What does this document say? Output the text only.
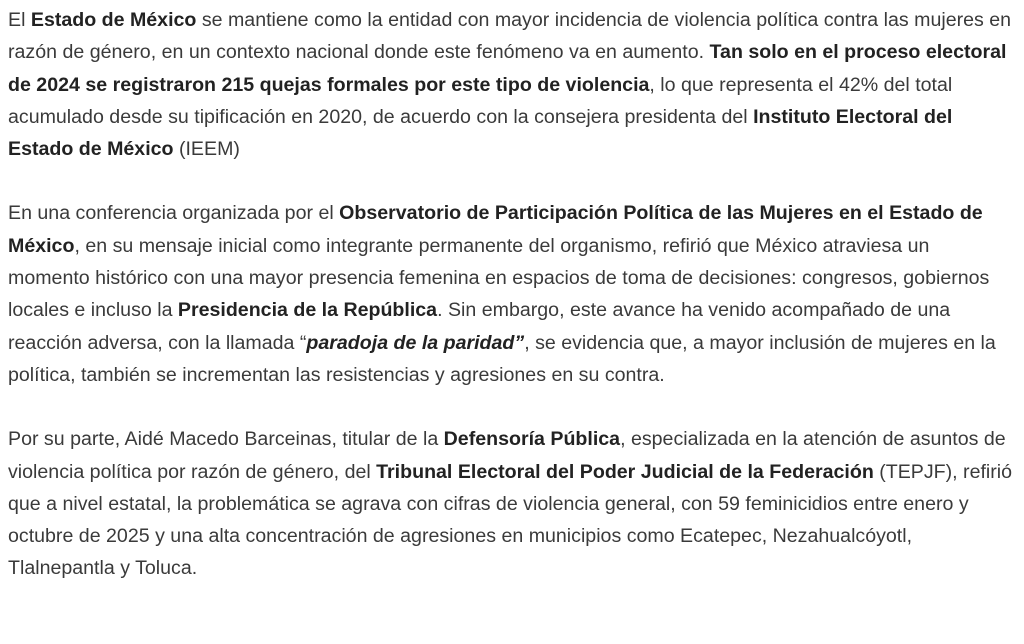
El Estado de México se mantiene como la entidad con mayor incidencia de violencia política contra las mujeres en razón de género, en un contexto nacional donde este fenómeno va en aumento. Tan solo en el proceso electoral de 2024 se registraron 215 quejas formales por este tipo de violencia, lo que representa el 42% del total acumulado desde su tipificación en 2020, de acuerdo con la consejera presidenta del Instituto Electoral del Estado de México (IEEM)

En una conferencia organizada por el Observatorio de Participación Política de las Mujeres en el Estado de México, en su mensaje inicial como integrante permanente del organismo, refirió que México atraviesa un momento histórico con una mayor presencia femenina en espacios de toma de decisiones: congresos, gobiernos locales e incluso la Presidencia de la República. Sin embargo, este avance ha venido acompañado de una reacción adversa, con la llamada “paradoja de la paridad”, se evidencia que, a mayor inclusión de mujeres en la política, también se incrementan las resistencias y agresiones en su contra.

Por su parte, Aidé Macedo Barceinas, titular de la Defensoría Pública, especializada en la atención de asuntos de violencia política por razón de género, del Tribunal Electoral del Poder Judicial de la Federación (TEPJF), refirió que a nivel estatal, la problemática se agrava con cifras de violencia general, con 59 feminicidios entre enero y octubre de 2025 y una alta concentración de agresiones en municipios como Ecatepec, Nezahualcóyotl, Tlalnepantla y Toluca.
